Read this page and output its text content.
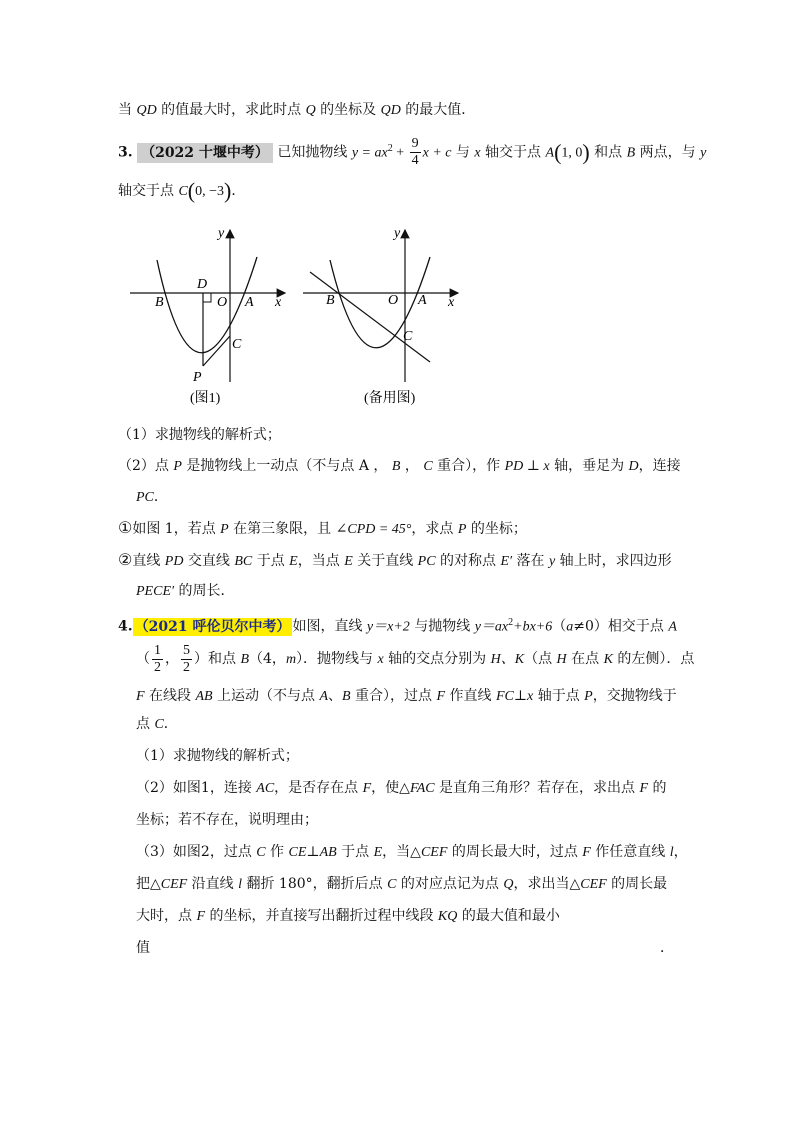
当 QD 的值最大时，求此时点 Q 的坐标及 QD 的最大值．
3. （2022 十堰中考） 已知抛物线 $y = ax^2 + \frac{9}{4}$ x + c 与 x 轴交于点 A(1, 0) 和点 B 两点，与 y
轴交于点 C(0, −3)．
y
x
D
B	O A
C
P
(图1)
y
x
B	O A
C
(备用图)
（1）求抛物线的解析式；
（2）点 P 是抛物线上一动点（不与点 A ， B ， C 重合），作 PD ⊥ x 轴，垂足为 D，连接
PC．
①如图 1，若点 P 在第三象限，且 ∠CPD = 45°，求点 P 的坐标；
②直线 PD 交直线 BC 于点 E，当点 E 关于直线 PC 的对称点 E′ 落在 y 轴上时，求四边形
PECE′ 的周长．
4. （2021 呼伦贝尔中考） 如图，直线 y＝x+2 与抛物线 $y=ax^2+bx+6(a\ne 0)$相交于点 A
（ $\frac{1}{2}$ ， $\frac{5}{2}$ ）和点 B（4，m）．抛物线与 x 轴的交点分别为 H、K（点 H 在点 K 的左侧）．点
F 在线段 AB 上运动（不与点 A、B 重合），过点 F 作直线 FC⊥x 轴于点 P，交抛物线于
点 C．
（1）求抛物线的解析式；
（2）如图1，连接 AC，是否存在点 F，使△FAC 是直角三角形？若存在，求出点 F 的
坐标；若不存在，说明理由；
（3）如图2，过点 C 作 CE⊥AB 于点 E，当△CEF 的周长最大时，过点 F 作任意直线 l，
把△CEF 沿直线 l 翻折 180°，翻折后点 C 的对应点记为点 Q，求出当△CEF 的周长最
大时，点 F 的坐标，并直接写出翻折过程中线段 KQ 的最大值和最小
值	．
